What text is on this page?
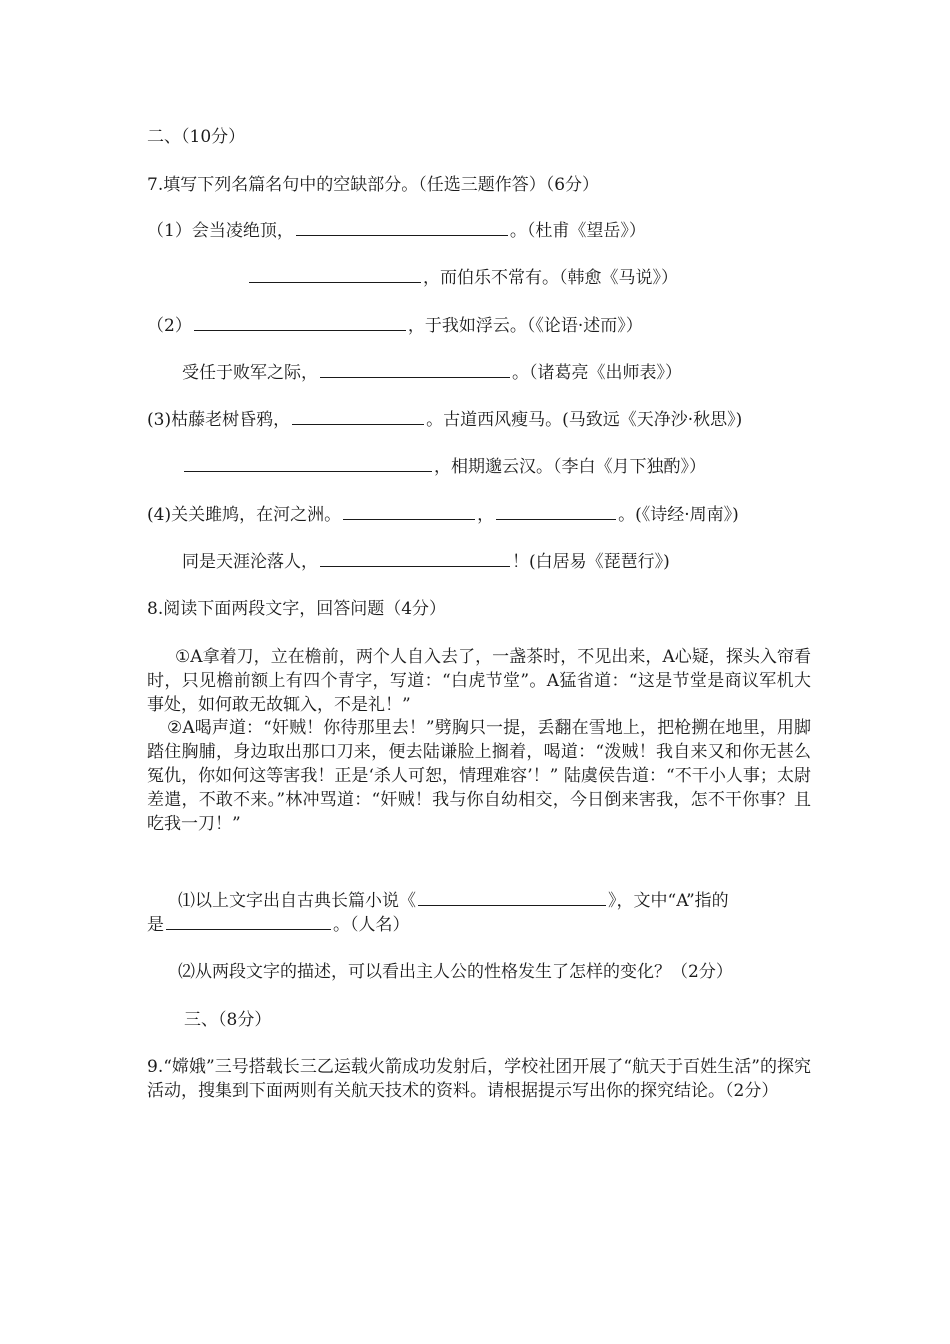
二、（10分）
7.填写下列名篇名句中的空缺部分。（任选三题作答）（6分）
（1）会当凌绝顶，	。（杜甫《望岳》）
，而伯乐不常有。（韩愈《马说》）
（2）	，于我如浮云。（《论语·述而》）
受任于败军之际，	。（诸葛亮《出师表》）
(3)枯藤老树昏鸦，	。古道西风瘦马。(马致远《天净沙·秋思》)
，相期邈云汉。（李白《月下独酌》）
(4)关关雎鸠，在河之洲。	，	。(《诗经·周南》)
同是天涯沦落人，	！(白居易《琵琶行》)
8.阅读下面两段文字，回答问题（4分）
①A拿着刀，立在檐前，两个人自入去了，一盏茶时，不见出来，A心疑，探头入帘看时，只见檐前额上有四个青字，写道：“白虎节堂”。A猛省道：“这是节堂是商议军机大事处，如何敢无故辄入，不是礼！”
②A喝声道：“奸贼！你待那里去！”劈胸只一提，丢翻在雪地上，把枪搠在地里，用脚踏住胸脯，身边取出那口刀来，便去陆谦脸上搁着，喝道：“泼贼！我自来又和你无甚么冤仇，你如何这等害我！正是‘杀人可恕，情理难容’！” 陆虞侯告道：“不干小人事；太尉差遣，不敢不来。”林冲骂道：“奸贼！我与你自幼相交，今日倒来害我，怎不干你事？且吃我一刀！”
⑴以上文字出自古典长篇小说《	》，文中“A”指的
是	。（人名）
⑵从两段文字的描述，可以看出主人公的性格发生了怎样的变化？（2分）
三、（8分）
9.“嫦娥”三号搭载长三乙运载火箭成功发射后，学校社团开展了“航天于百姓生活”的探究活动，搜集到下面两则有关航天技术的资料。请根据提示写出你的探究结论。（2分）
